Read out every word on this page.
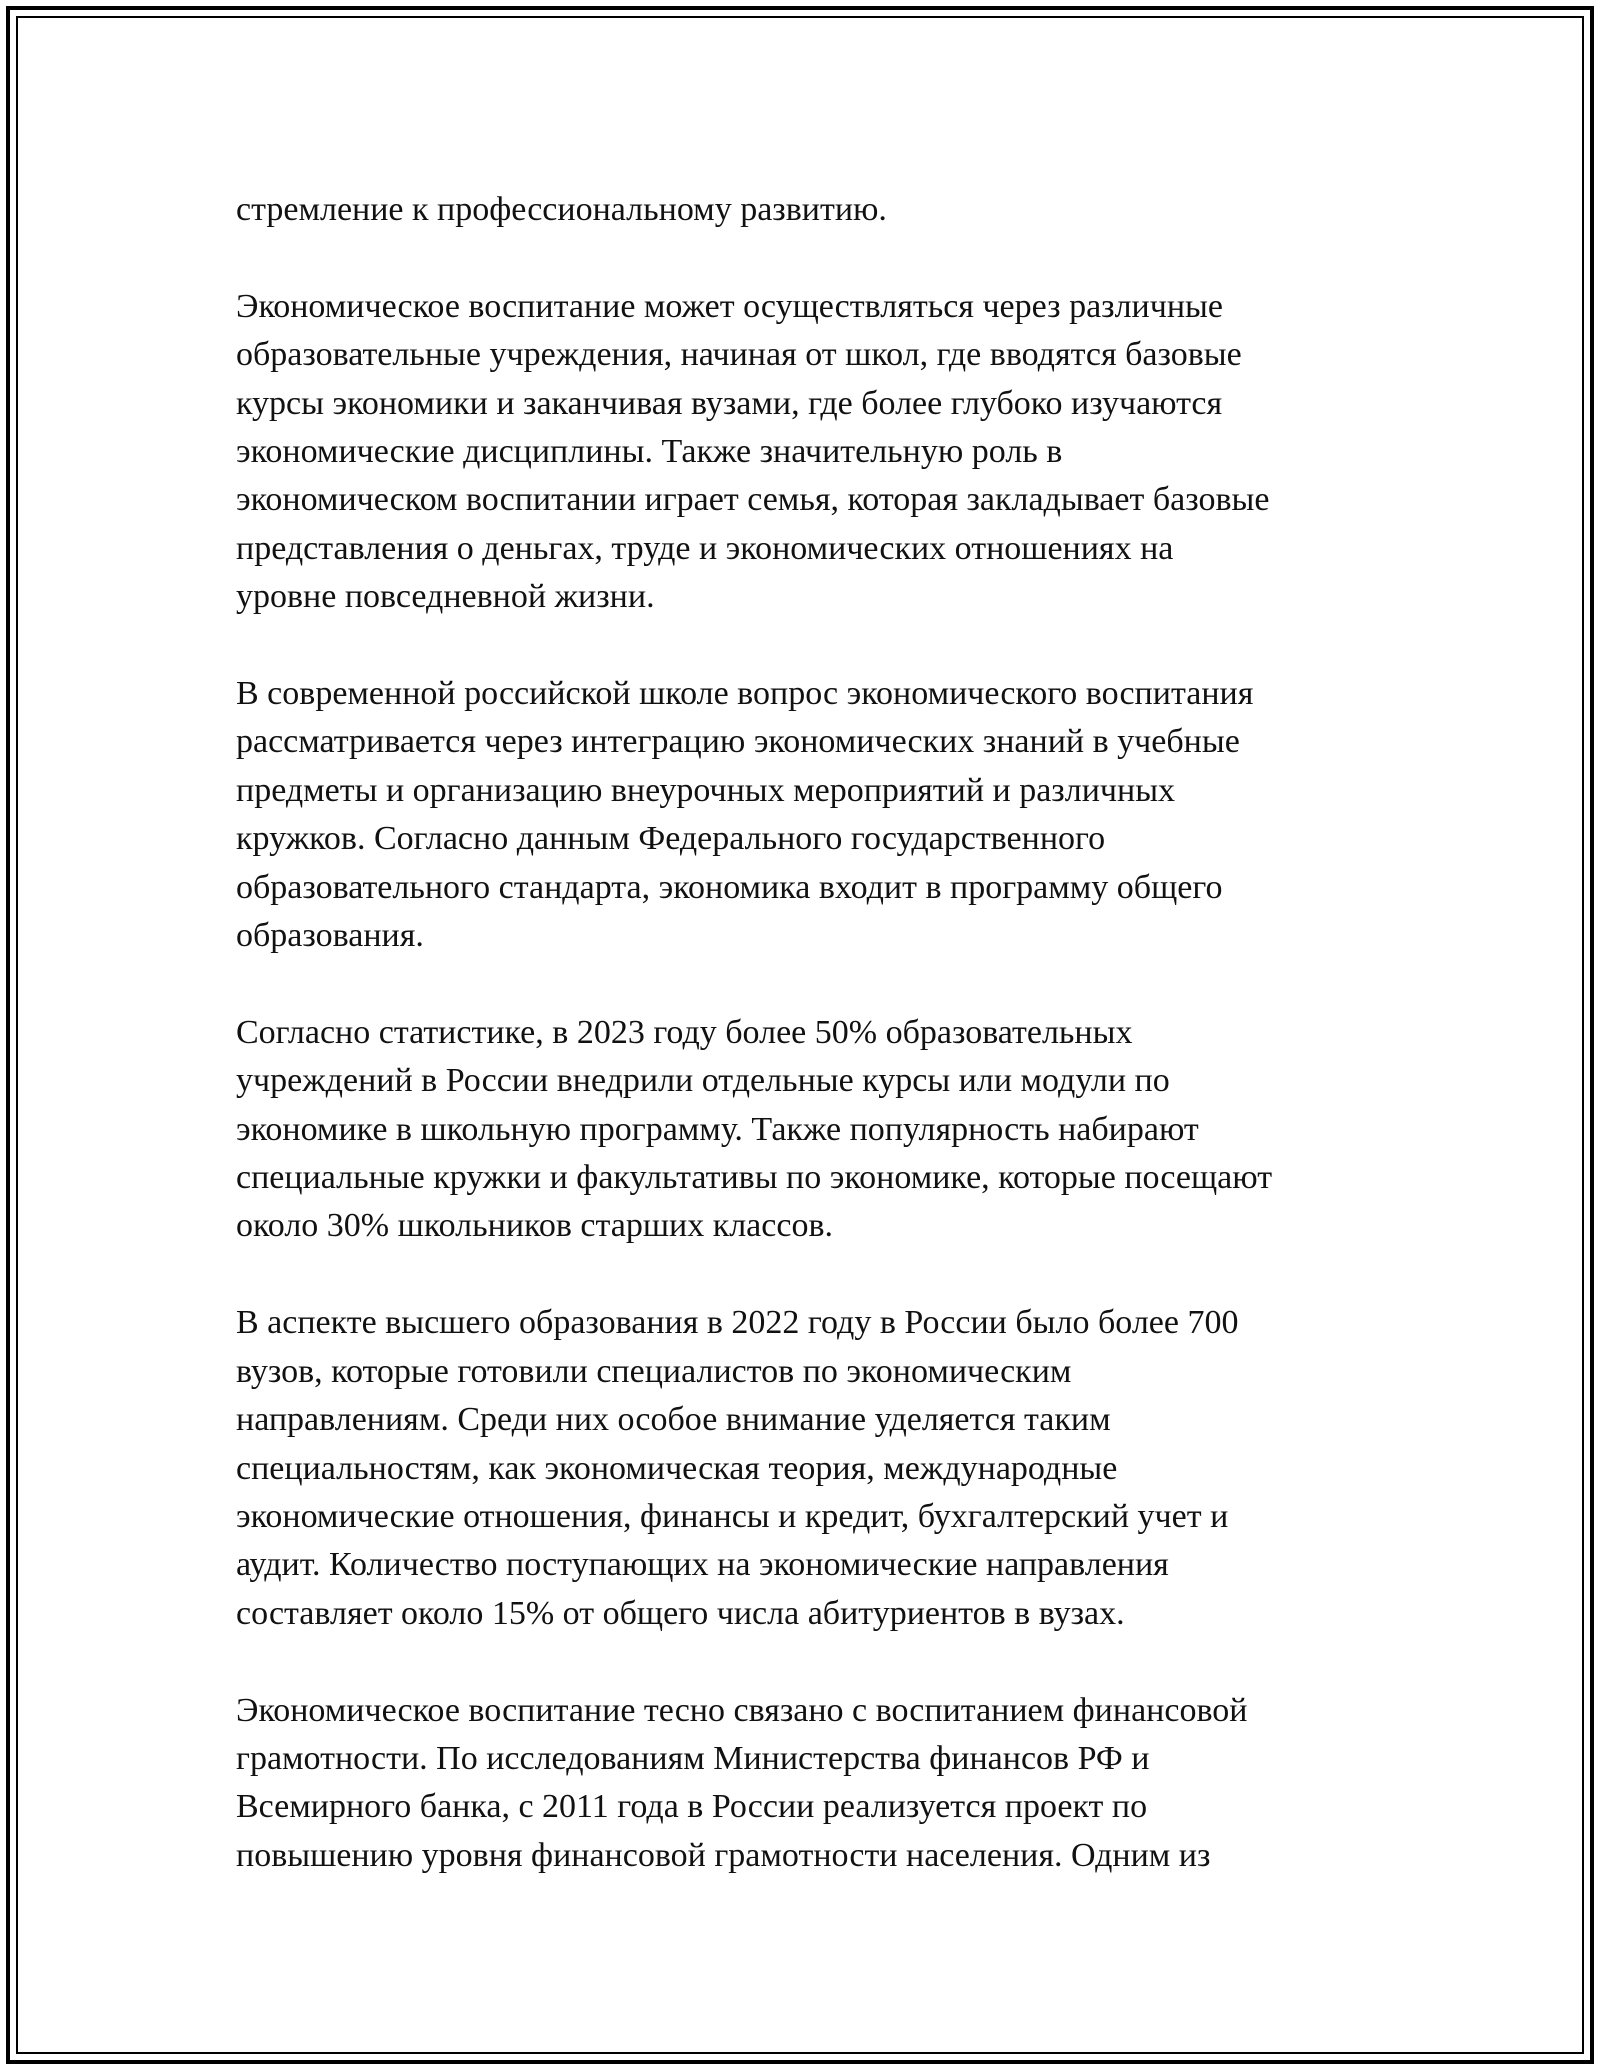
стремление к профессиональному развитию.

Экономическое воспитание может осуществляться через различные
образовательные учреждения, начиная от школ, где вводятся базовые
курсы экономики и заканчивая вузами, где более глубоко изучаются
экономические дисциплины. Также значительную роль в
экономическом воспитании играет семья, которая закладывает базовые
представления о деньгах, труде и экономических отношениях на
уровне повседневной жизни.

В современной российской школе вопрос экономического воспитания
рассматривается через интеграцию экономических знаний в учебные
предметы и организацию внеурочных мероприятий и различных
кружков. Согласно данным Федерального государственного
образовательного стандарта, экономика входит в программу общего
образования.

Согласно статистике, в 2023 году более 50% образовательных
учреждений в России внедрили отдельные курсы или модули по
экономике в школьную программу. Также популярность набирают
специальные кружки и факультативы по экономике, которые посещают
около 30% школьников старших классов.

В аспекте высшего образования в 2022 году в России было более 700
вузов, которые готовили специалистов по экономическим
направлениям. Среди них особое внимание уделяется таким
специальностям, как экономическая теория, международные
экономические отношения, финансы и кредит, бухгалтерский учет и
аудит. Количество поступающих на экономические направления
составляет около 15% от общего числа абитуриентов в вузах.

Экономическое воспитание тесно связано с воспитанием финансовой
грамотности. По исследованиям Министерства финансов РФ и
Всемирного банка, с 2011 года в России реализуется проект по
повышению уровня финансовой грамотности населения. Одним из
